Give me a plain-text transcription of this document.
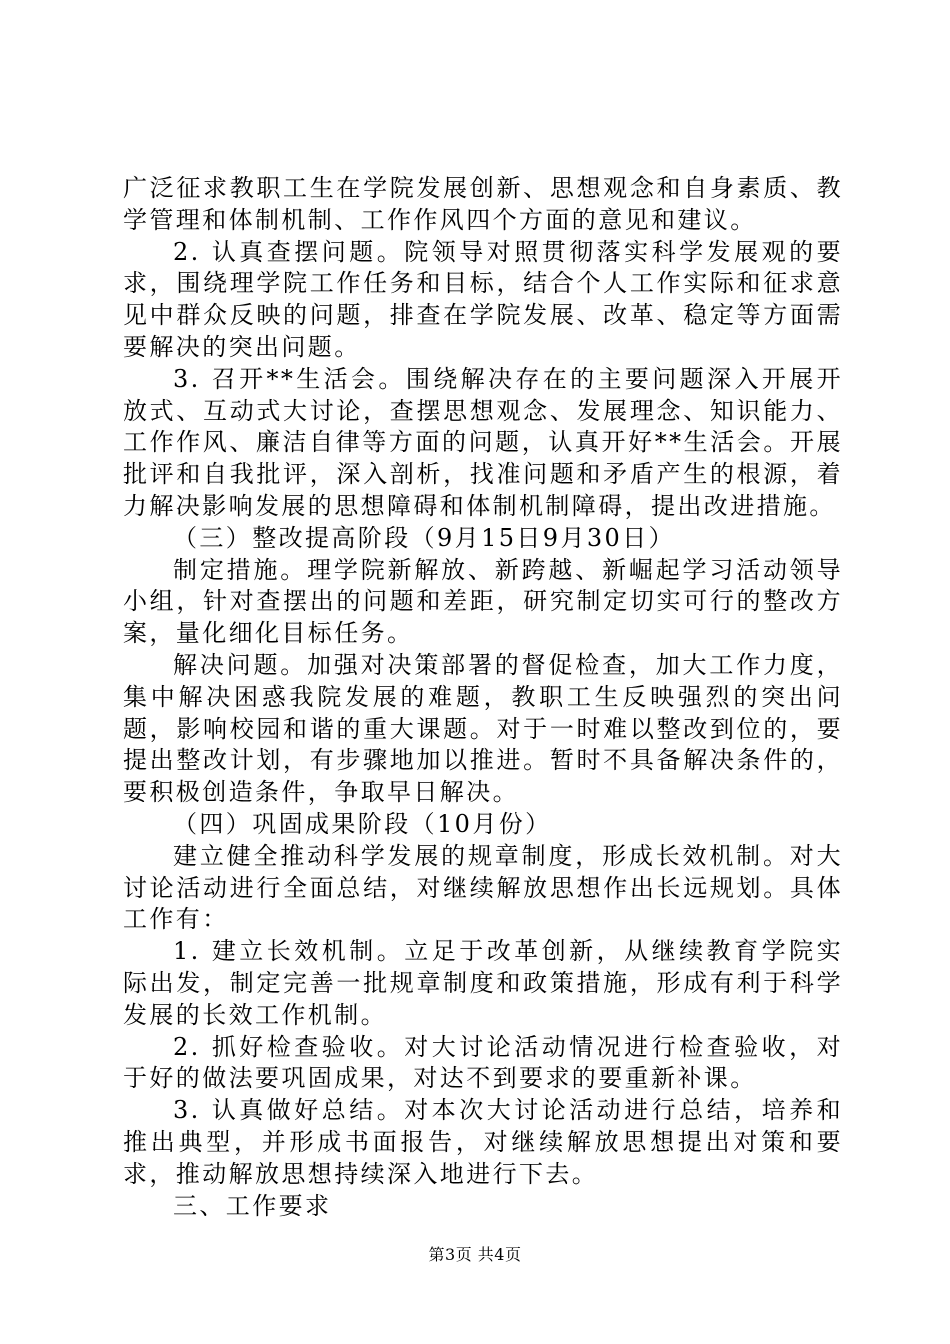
广泛征求教职工生在学院发展创新、思想观念和自身素质、教学管理和体制机制、工作作风四个方面的意见和建议。

2. 认真查摆问题。院领导对照贯彻落实科学发展观的要求，围绕理学院工作任务和目标，结合个人工作实际和征求意见中群众反映的问题，排查在学院发展、改革、稳定等方面需要解决的突出问题。

3. 召开**生活会。围绕解决存在的主要问题深入开展开放式、互动式大讨论，查摆思想观念、发展理念、知识能力、工作作风、廉洁自律等方面的问题，认真开好**生活会。开展批评和自我批评，深入剖析，找准问题和矛盾产生的根源，着力解决影响发展的思想障碍和体制机制障碍，提出改进措施。

（三）整改提高阶段（9月15日9月30日）

制定措施。理学院新解放、新跨越、新崛起学习活动领导小组，针对查摆出的问题和差距，研究制定切实可行的整改方案，量化细化目标任务。

解决问题。加强对决策部署的督促检查，加大工作力度，集中解决困惑我院发展的难题，教职工生反映强烈的突出问题，影响校园和谐的重大课题。对于一时难以整改到位的，要提出整改计划，有步骤地加以推进。暂时不具备解决条件的，要积极创造条件，争取早日解决。

（四）巩固成果阶段（10月份）

建立健全推动科学发展的规章制度，形成长效机制。对大讨论活动进行全面总结，对继续解放思想作出长远规划。具体工作有：

1. 建立长效机制。立足于改革创新，从继续教育学院实际出发，制定完善一批规章制度和政策措施，形成有利于科学发展的长效工作机制。

2. 抓好检查验收。对大讨论活动情况进行检查验收，对于好的做法要巩固成果，对达不到要求的要重新补课。

3. 认真做好总结。对本次大讨论活动进行总结，培养和推出典型，并形成书面报告，对继续解放思想提出对策和要求，推动解放思想持续深入地进行下去。

三、工作要求

第3页 共4页
